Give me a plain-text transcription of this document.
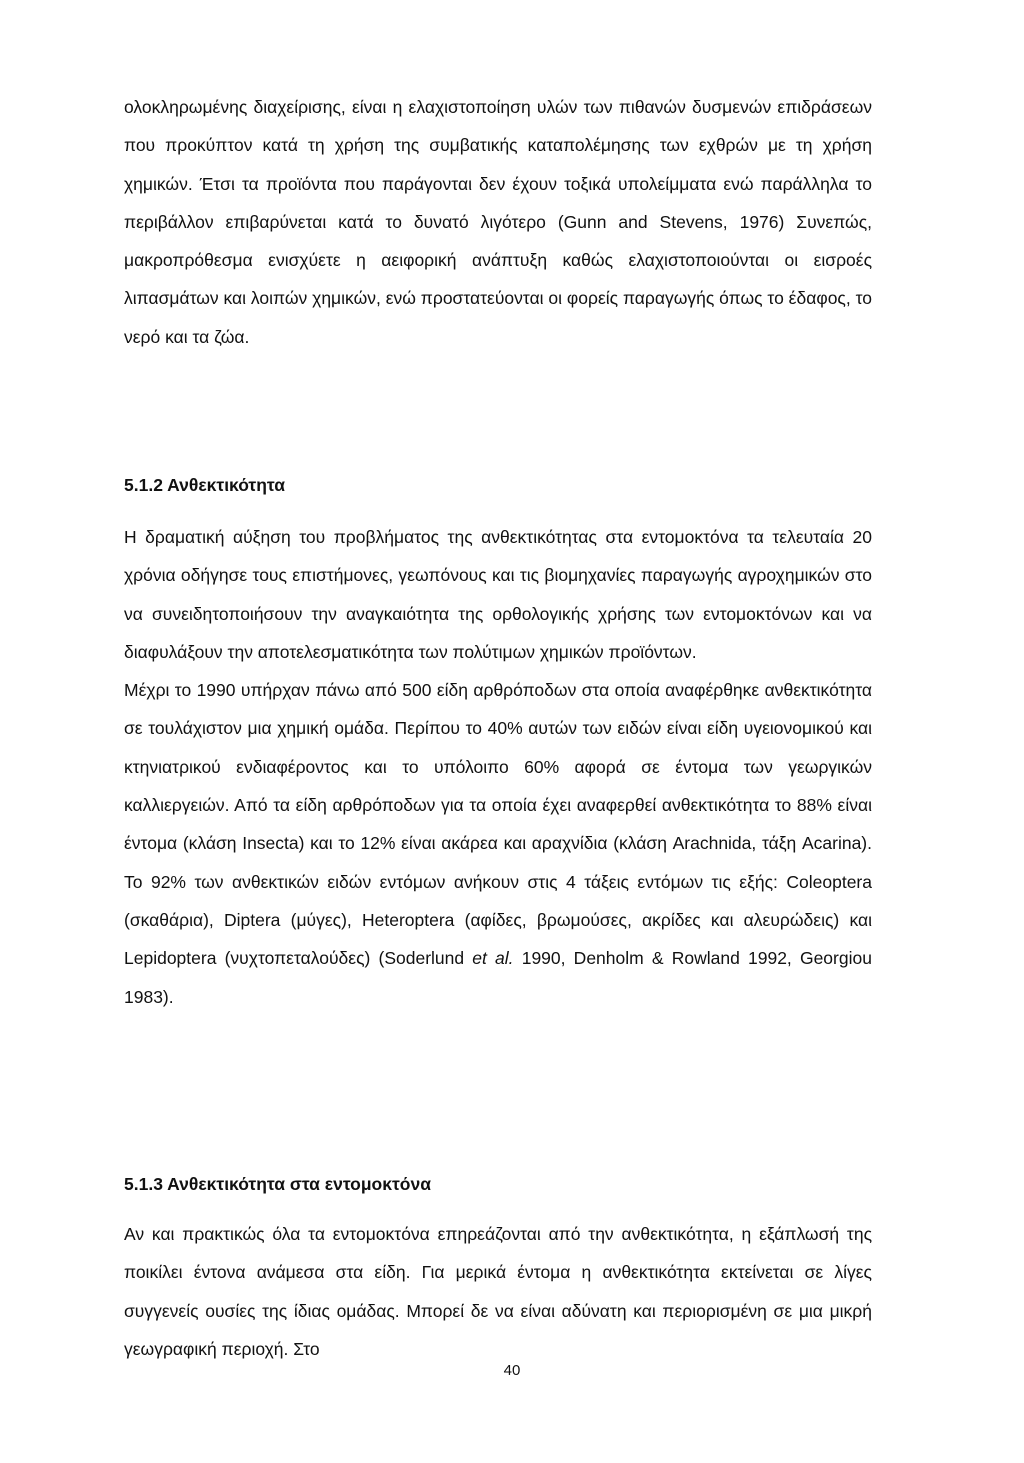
ολοκληρωμένης διαχείρισης, είναι η ελαχιστοποίηση υλών των πιθανών δυσμενών επιδράσεων που προκύπτον κατά τη χρήση της συμβατικής καταπολέμησης των εχθρών με τη χρήση χημικών. Έτσι τα προϊόντα που παράγονται δεν έχουν τοξικά υπολείμματα ενώ παράλληλα το περιβάλλον επιβαρύνεται κατά το δυνατό λιγότερο (Gunn and Stevens, 1976) Συνεπώς, μακροπρόθεσμα ενισχύετε η αειφορική ανάπτυξη καθώς ελαχιστοποιούνται οι εισροές λιπασμάτων και λοιπών χημικών, ενώ προστατεύονται οι φορείς παραγωγής όπως το έδαφος, το νερό και τα ζώα.

5.1.2 Ανθεκτικότητα

Η δραματική αύξηση του προβλήματος της ανθεκτικότητας στα εντομοκτόνα τα τελευταία 20 χρόνια οδήγησε τους επιστήμονες, γεωπόνους και τις βιομηχανίες παραγωγής αγροχημικών στο να συνειδητοποιήσουν την αναγκαιότητα της ορθολογικής χρήσης των εντομοκτόνων και να διαφυλάξουν την αποτελεσματικότητα των πολύτιμων χημικών προϊόντων.

Μέχρι το 1990 υπήρχαν πάνω από 500 είδη αρθρόποδων στα οποία αναφέρθηκε ανθεκτικότητα σε τουλάχιστον μια χημική ομάδα. Περίπου το 40% αυτών των ειδών είναι είδη υγειονομικού και κτηνιατρικού ενδιαφέροντος και το υπόλοιπο 60% αφορά σε έντομα των γεωργικών καλλιεργειών. Από τα είδη αρθρόποδων για τα οποία έχει αναφερθεί ανθεκτικότητα το 88% είναι έντομα (κλάση Insecta) και το 12% είναι ακάρεα και αραχνίδια (κλάση Arachnida, τάξη Acarina). Το 92% των ανθεκτικών ειδών εντόμων ανήκουν στις 4 τάξεις εντόμων τις εξής: Coleoptera (σκαθάρια), Diptera (μύγες), Heteroptera (αφίδες, βρωμούσες, ακρίδες και αλευρώδεις) και Lepidoptera (νυχτοπεταλούδες) (Soderlund et al. 1990, Denholm & Rowland 1992, Georgiou 1983).

5.1.3 Ανθεκτικότητα στα εντομοκτόνα

Αν και πρακτικώς όλα τα εντομοκτόνα επηρεάζονται από την ανθεκτικότητα, η εξάπλωσή της ποικίλει έντονα ανάμεσα στα είδη. Για μερικά έντομα η ανθεκτικότητα εκτείνεται σε λίγες συγγενείς ουσίες της ίδιας ομάδας. Μπορεί δε να είναι αδύνατη και περιορισμένη σε μια μικρή γεωγραφική περιοχή. Στο

40
